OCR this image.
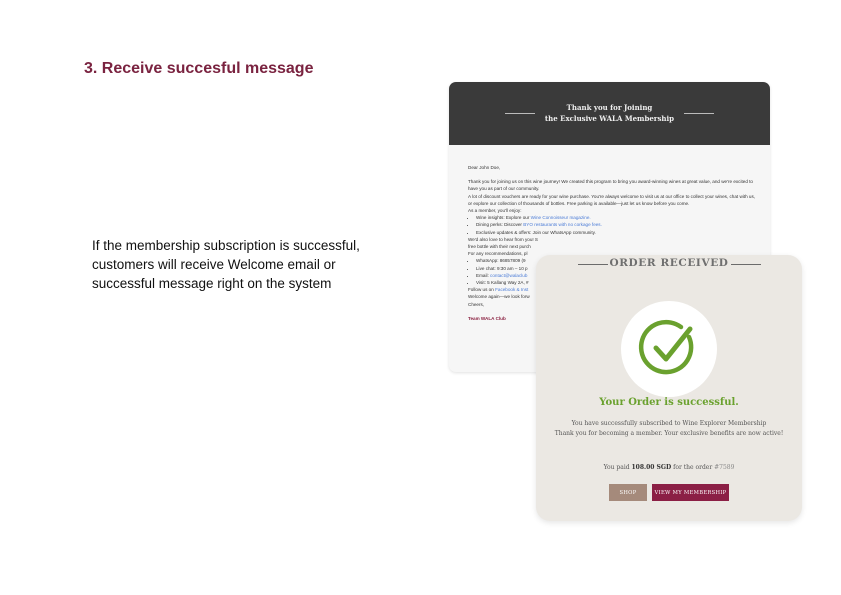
3. Receive succesful message
If the membership subscription is successful, customers will receive Welcome email or successful message right on the system
Thank you for Joining
the Exclusive WALA Membership

Dear John Doe,

Thank you for joining us on this wine journey! We created this program to bring you award-winning wines at great value, and we're excited to have you as part of our community.

A lot of discount vouchers are ready for your wine purchase. You're always welcome to visit us at our office to collect your wines, chat with us, or explore our collection of thousands of bottles. Free parking is available—just let us know before you come.

As a member, you'll enjoy:

• Wine insights: Explore our Wine Connoisseur magazine.
• Dining perks: Discover BYO restaurants with no corkage fees.
• Exclusive updates & offers: Join our WhatsApp community.

We'd also love to hear from you! S

free bottle with their next purch

For any recommendations, pl

• WhatsApp: 86857809 (9
• Live chat: 9:30 am – 10 p
• Email: contact@walaclub
• Visit: 5 Kallang Way 2A, #

Follow us on Facebook & Inst

Welcome again—we look forw

Cheers,

Team WALA Club

ORDER RECEIVED
Your Order is successful.
You have successfully subscribed to Wine Explorer Membership
Thank you for becoming a member. Your exclusive benefits are now active!
You paid 108.00 SGD for the order #7589
SHOP	VIEW MY MEMBERSHIP
